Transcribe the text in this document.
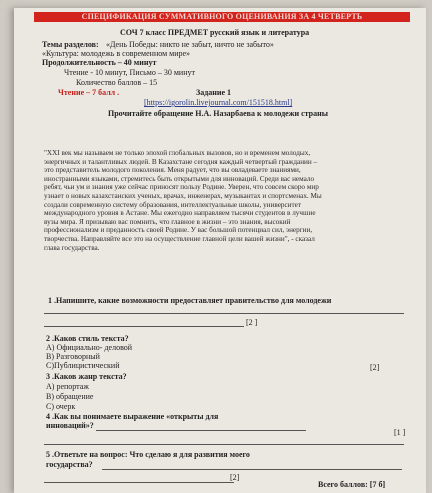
СПЕЦИФИКАЦИЯ СУММАТИВНОГО ОЦЕНИВАНИЯ ЗА 4 ЧЕТВЕРТЬ
СОЧ 7 класс ПРЕДМЕТ русский язык и литература
Темы разделов: «День Победы: никто не забыт, ничто не забыто»
«Культура: молодежь в современном мире»
Продолжительность – 40 минут
Чтение - 10 минут, Письмо – 30 минут
Количество баллов – 15
Чтение – 7 балл .	Задание 1
[https://igorolin.livejournal.com/151518.html]
Прочитайте обращение Н.А. Назарбаева к молодежи страны
"XXI век мы называем не только эпохой глобальных вызовов, но и временем молодых,
энергичных и талантливых людей. В Казахстане сегодня каждый четвертый гражданин –
это представитель молодого поколения. Меня радует, что вы овладеваете знаниями,
иностранными языками, стремитесь быть открытыми для инноваций. Среди вас немало
ребят, чьи ум и знания уже сейчас приносят пользу Родине. Уверен, что совсем скоро мир
узнает о новых казахстанских ученых, врачах, инженерах, музыкантах и спортсменах. Мы
создали современную систему образования, интеллектуальные школы, университет
международного уровня в Астане. Мы ежегодно направляем тысячи студентов в лучшие
вузы мира. Я призываю вас помнить, что главное в жизни – это знания, высокий
профессионализм и преданность своей Родине. У вас большой потенциал сил, энергии,
творчества. Направляйте все это на осуществление главной цели вашей жизни", - сказал
глава государства.
1 .Напишите, какие возможности предоставляет правительство для молодежи
[2 ]
2 .Каков стиль текста?
А) Официально- деловой
В) Разговорный
С)Публицистический	[2]
3 .Каков жанр текста?
А) репортаж
В) обращение
С) очерк
4 .Как вы понимаете выражение «открыты для
инноваций»?
[1 ]
5 .Ответьте на вопрос: Что сделаю я для развития моего
государства?
[2]
Всего баллов: [7 б]
